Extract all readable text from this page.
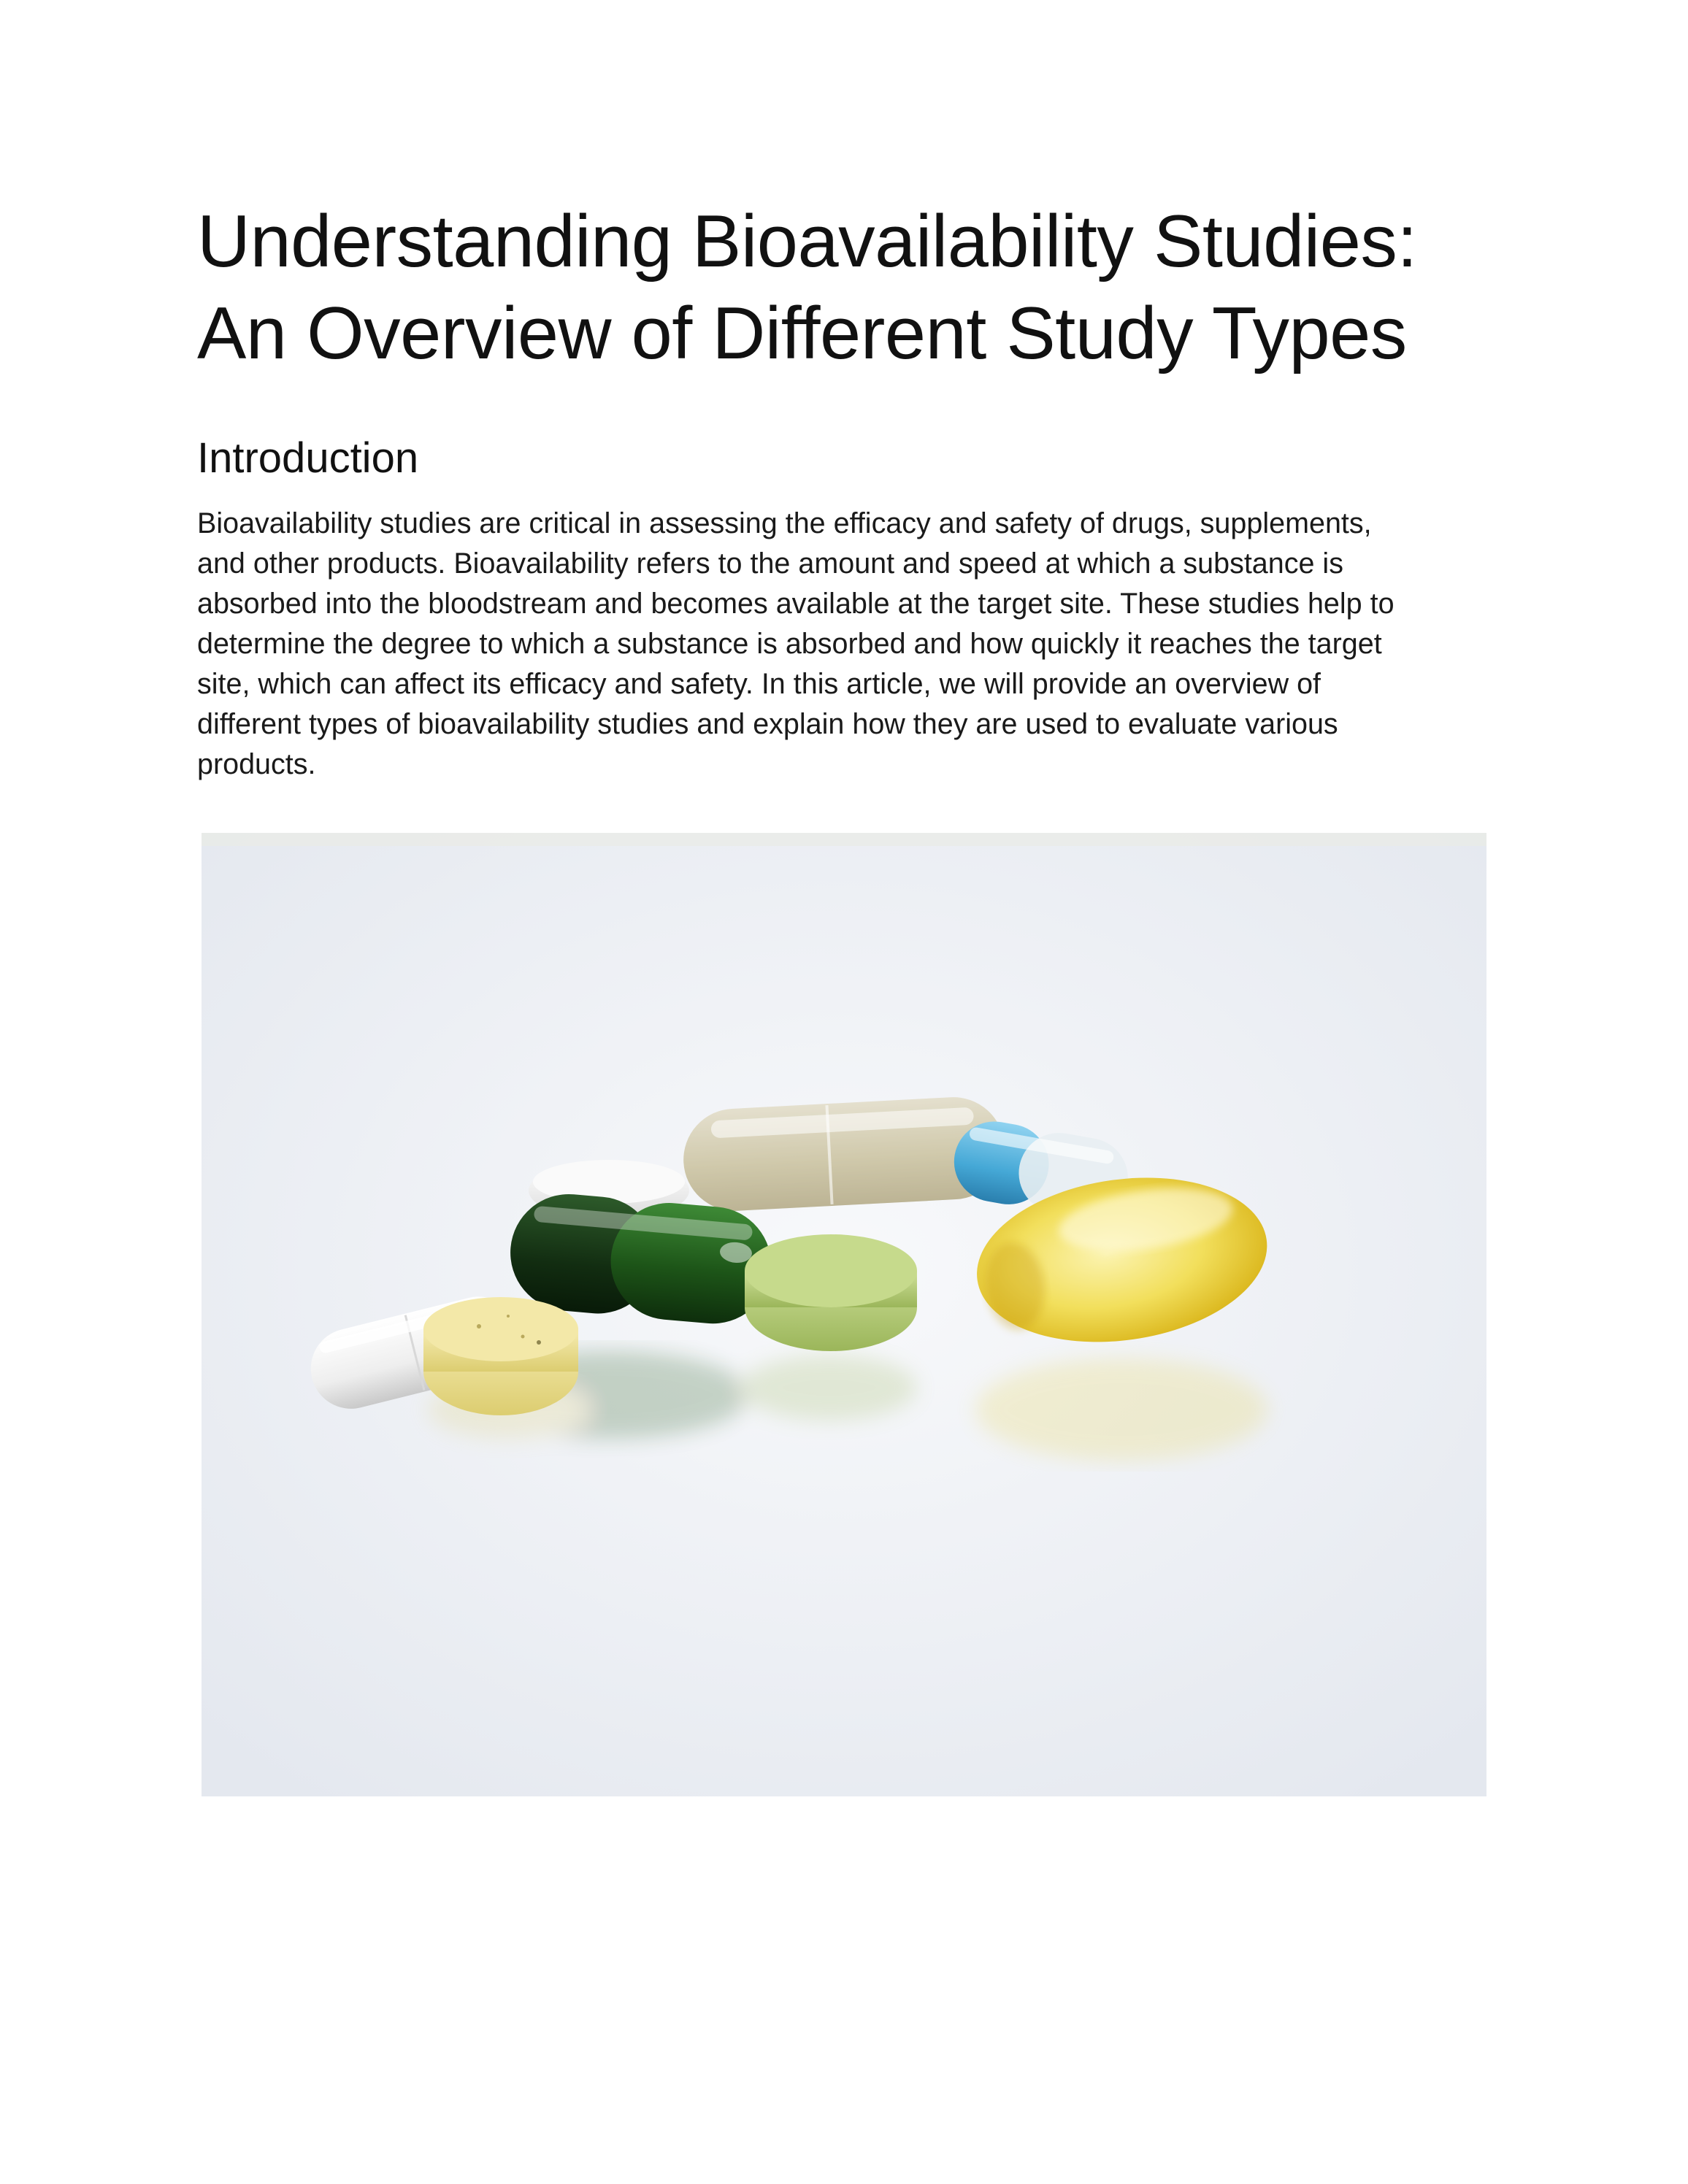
Understanding Bioavailability Studies:
An Overview of Different Study Types
Introduction

Bioavailability studies are critical in assessing the efficacy and safety of drugs, supplements,
and other products. Bioavailability refers to the amount and speed at which a substance is
absorbed into the bloodstream and becomes available at the target site. These studies help to
determine the degree to which a substance is absorbed and how quickly it reaches the target
site, which can affect its efficacy and safety. In this article, we will provide an overview of
different types of bioavailability studies and explain how they are used to evaluate various
products.
